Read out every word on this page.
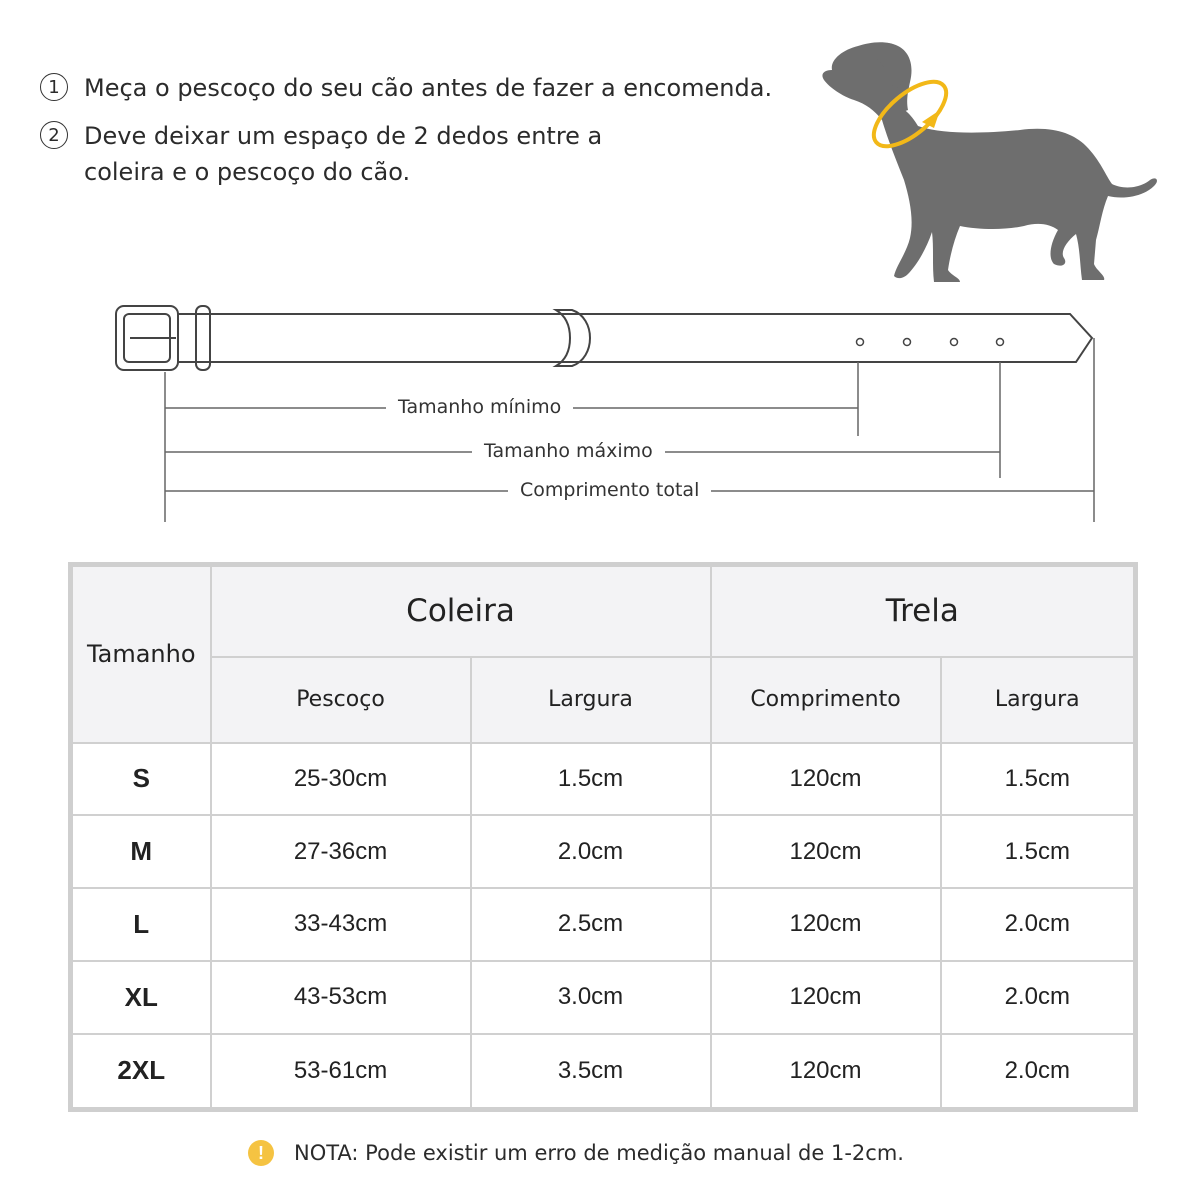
1	Meça o pescoço do seu cão antes de fazer a encomenda.
2	Deve deixar um espaço de 2 dedos entre a
coleira e o pescoço do cão.
Tamanho mínimo
Tamanho máximo
Comprimento total
Tamanho	Coleira		Trela	
	Pescoço	Largura	Comprimento	Largura
S	25-30cm	1.5cm	120cm	1.5cm
M	27-36cm	2.0cm	120cm	1.5cm
L	33-43cm	2.5cm	120cm	2.0cm
XL	43-53cm	3.0cm	120cm	2.0cm
2XL	53-61cm	3.5cm	120cm	2.0cm
!	NOTA: Pode existir um erro de medição manual de 1-2cm.
